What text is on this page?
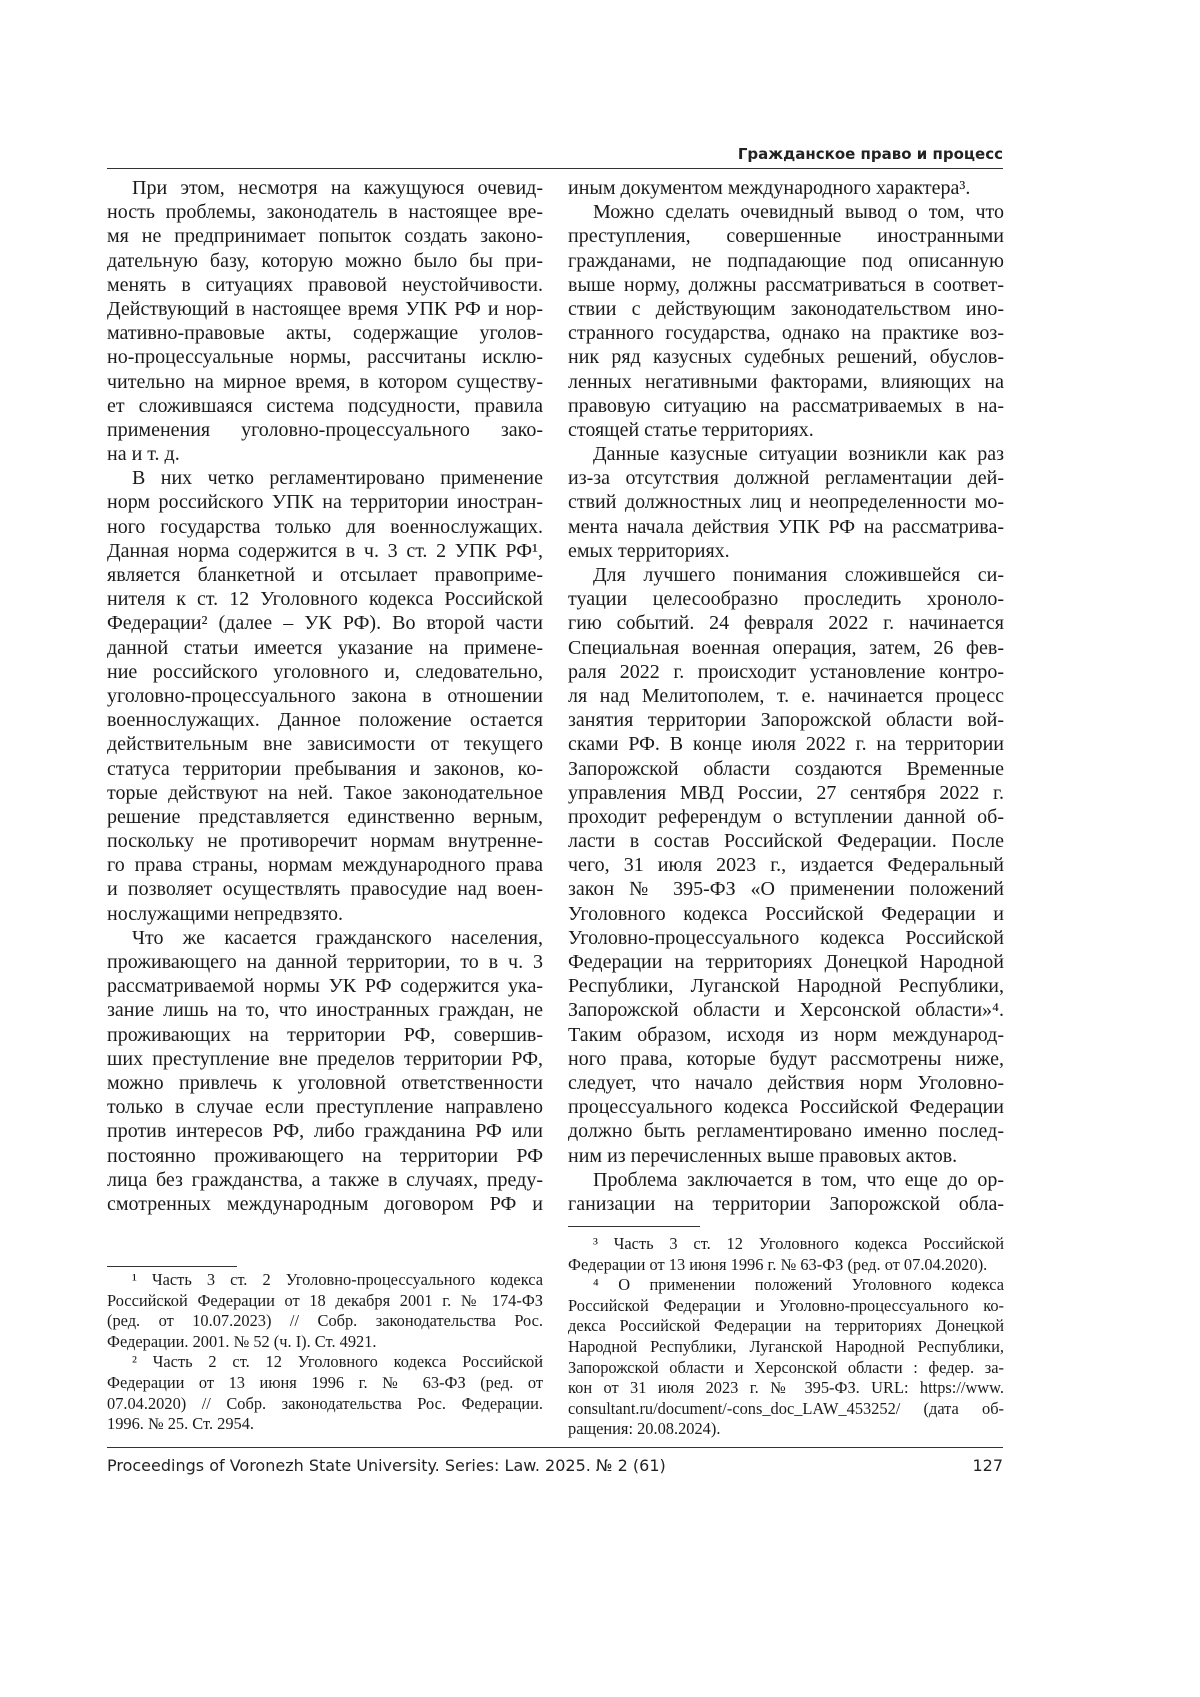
Гражданское право и процесс
При этом, несмотря на кажущуюся очевид-
ность проблемы, законодатель в настоящее вре-
мя не предпринимает попыток создать законо-
дательную базу, которую можно было бы при-
менять в ситуациях правовой неустойчивости.
Действующий в настоящее время УПК РФ и нор-
мативно-правовые акты, содержащие уголов-
но-процессуальные нормы, рассчитаны исклю-
чительно на мирное время, в котором существу-
ет сложившаяся система подсудности, правила
применения уголовно-процессуального зако-
на и т. д.
В них четко регламентировано применение
норм российского УПК на территории иностран-
ного государства только для военнослужащих.
Данная норма содержится в ч. 3 ст. 2 УПК РФ¹,
является бланкетной и отсылает правоприме-
нителя к ст. 12 Уголовного кодекса Российской
Федерации² (далее – УК РФ). Во второй части
данной статьи имеется указание на примене-
ние российского уголовного и, следовательно,
уголовно-процессуального закона в отношении
военнослужащих. Данное положение остается
действительным вне зависимости от текущего
статуса территории пребывания и законов, ко-
торые действуют на ней. Такое законодательное
решение представляется единственно верным,
поскольку не противоречит нормам внутренне-
го права страны, нормам международного права
и позволяет осуществлять правосудие над воен-
нослужащими непредвзято.
Что же касается гражданского населения,
проживающего на данной территории, то в ч. 3
рассматриваемой нормы УК РФ содержится ука-
зание лишь на то, что иностранных граждан, не
проживающих на территории РФ, совершив-
ших преступление вне пределов территории РФ,
можно привлечь к уголовной ответственности
только в случае если преступление направлено
против интересов РФ, либо гражданина РФ или
постоянно проживающего на территории РФ
лица без гражданства, а также в случаях, преду-
смотренных международным договором РФ и
иным документом международного характера³.
Можно сделать очевидный вывод о том, что
преступления, совершенные иностранными
гражданами, не подпадающие под описанную
выше норму, должны рассматриваться в соответ-
ствии с действующим законодательством ино-
странного государства, однако на практике воз-
ник ряд казусных судебных решений, обуслов-
ленных негативными факторами, влияющих на
правовую ситуацию на рассматриваемых в на-
стоящей статье территориях.
Данные казусные ситуации возникли как раз
из-за отсутствия должной регламентации дей-
ствий должностных лиц и неопределенности мо-
мента начала действия УПК РФ на рассматрива-
емых территориях.
Для лучшего понимания сложившейся си-
туации целесообразно проследить хроноло-
гию событий. 24 февраля 2022 г. начинается
Специальная военная операция, затем, 26 фев-
раля 2022 г. происходит установление контро-
ля над Мелитополем, т. е. начинается процесс
занятия территории Запорожской области вой-
сками РФ. В конце июля 2022 г. на территории
Запорожской области создаются Временные
управления МВД России, 27 сентября 2022 г.
проходит референдум о вступлении данной об-
ласти в состав Российской Федерации. После
чего, 31 июля 2023 г., издается Федеральный
закон № 395-ФЗ «О применении положений
Уголовного кодекса Российской Федерации и
Уголовно-процессуального кодекса Российской
Федерации на территориях Донецкой Народной
Республики, Луганской Народной Республики,
Запорожской области и Херсонской области»⁴.
Таким образом, исходя из норм международ-
ного права, которые будут рассмотрены ниже,
следует, что начало действия норм Уголовно-
процессуального кодекса Российской Федерации
должно быть регламентировано именно послед-
ним из перечисленных выше правовых актов.
Проблема заключается в том, что еще до ор-
ганизации на территории Запорожской обла-
¹ Часть 3 ст. 2 Уголовно-процессуального кодекса
Российской Федерации от 18 декабря 2001 г. № 174-ФЗ
(ред. от 10.07.2023) // Собр. законодательства Рос.
Федерации. 2001. № 52 (ч. I). Ст. 4921.
² Часть 2 ст. 12 Уголовного кодекса Российской
Федерации от 13 июня 1996 г. № 63-ФЗ (ред. от
07.04.2020) // Собр. законодательства Рос. Федерации.
1996. № 25. Ст. 2954.
³ Часть 3 ст. 12 Уголовного кодекса Российской
Федерации от 13 июня 1996 г. № 63-ФЗ (ред. от 07.04.2020).
⁴ О применении положений Уголовного кодекса
Российской Федерации и Уголовно-процессуального ко-
декса Российской Федерации на территориях Донецкой
Народной Республики, Луганской Народной Республики,
Запорожской области и Херсонской области : федер. за-
кон от 31 июля 2023 г. № 395-ФЗ. URL: https://www.
consultant.ru/document/-cons_doc_LAW_453252/ (дата об-
ращения: 20.08.2024).
Proceedings of Voronezh State University. Series: Law. 2025. № 2 (61)	127
